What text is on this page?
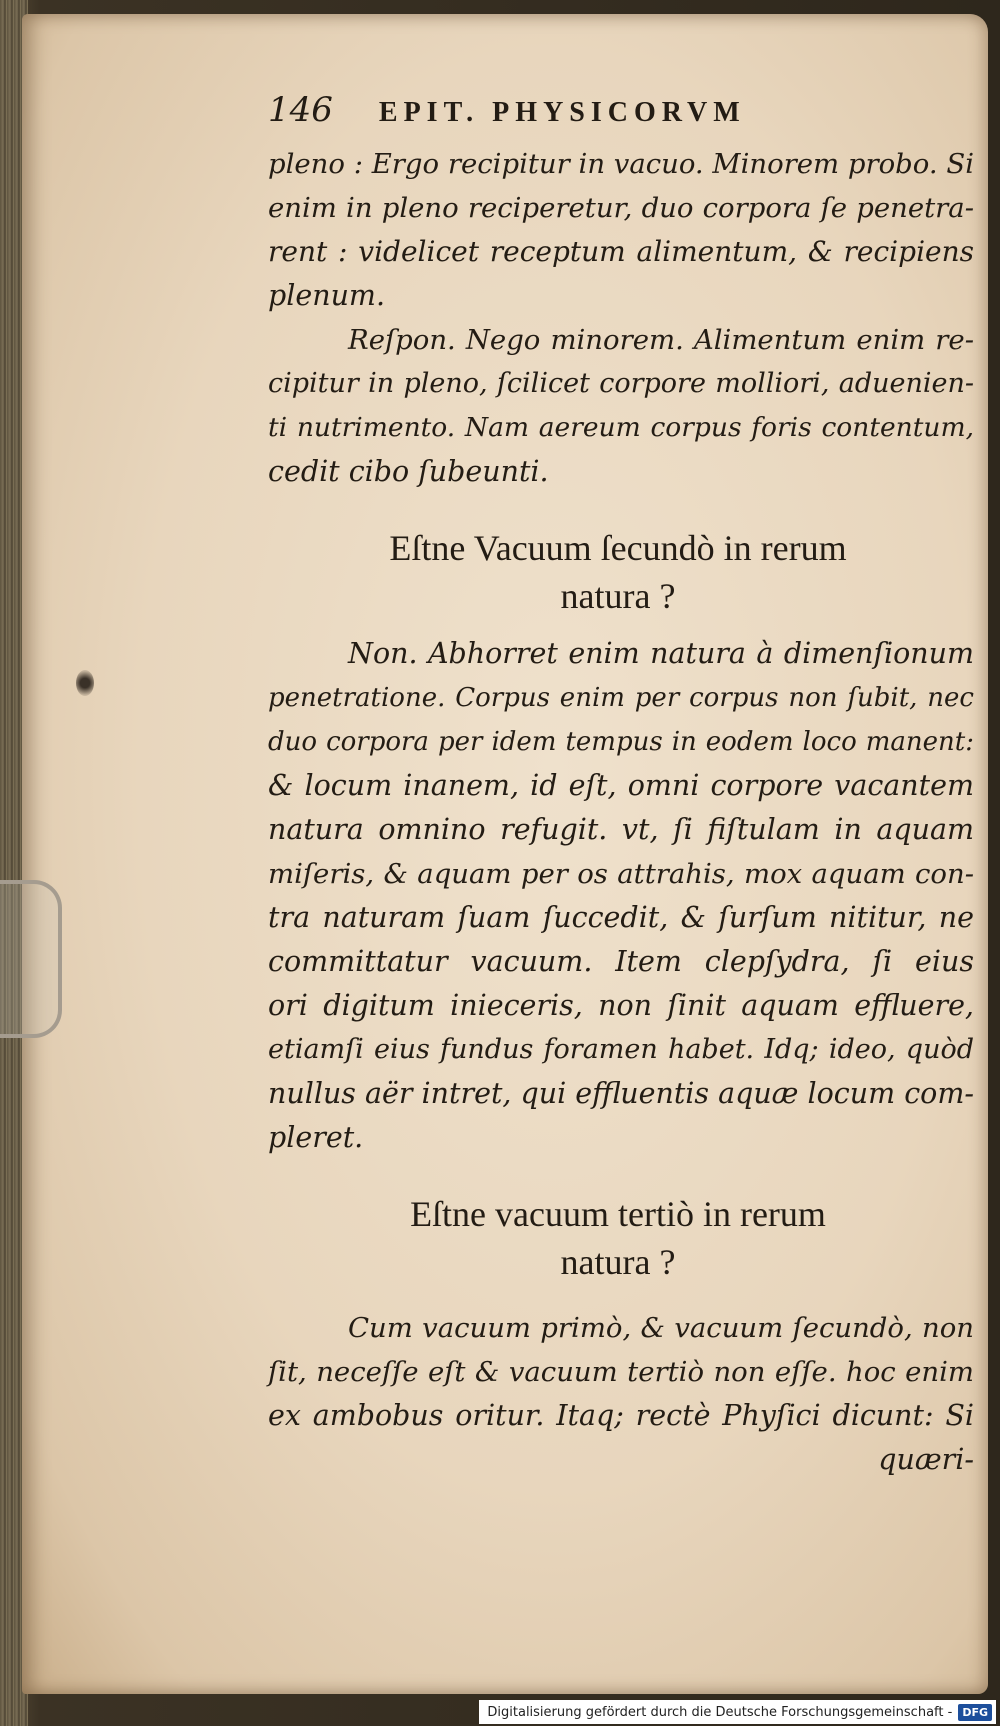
146 EPIT. PHYSICORVM
pleno : Ergo recipitur in vacuo. Minorem probo. Si
enim in pleno reciperetur, duo corpora ſe penetra-
rent : videlicet receptum alimentum, & recipiens
plenum.
Reſpon. Nego minorem. Alimentum enim re-
cipitur in pleno, ſcilicet corpore molliori, aduenien-
ti nutrimento. Nam aereum corpus foris contentum,
cedit cibo ſubeunti.
Eſtne Vacuum ſecundò in rerum
natura ?
Non. Abhorret enim natura à dimenſionum
penetratione. Corpus enim per corpus non ſubit, nec
duo corpora per idem tempus in eodem loco manent:
& locum inanem, id eſt, omni corpore vacantem
natura omnino refugit. vt, ſi fiſtulam in aquam
miſeris, & aquam per os attrahis, mox aquam con-
tra naturam ſuam ſuccedit, & ſurſum nititur, ne
committatur vacuum. Item clepſydra, ſi eius
ori digitum inieceris, non ſinit aquam effluere,
etiamſi eius fundus foramen habet. Idq; ideo, quòd
nullus aër intret, qui effluentis aquæ locum com-
pleret.
Eſtne vacuum tertiò in rerum
natura ?
Cum vacuum primò, & vacuum ſecundò, non
ſit, neceſſe eſt & vacuum tertiò non eſſe. hoc enim
ex ambobus oritur. Itaq; rectè Phyſici dicunt: Si
quæri-
Digitalisierung gefördert durch die Deutsche Forschungsgemeinschaft - DFG
